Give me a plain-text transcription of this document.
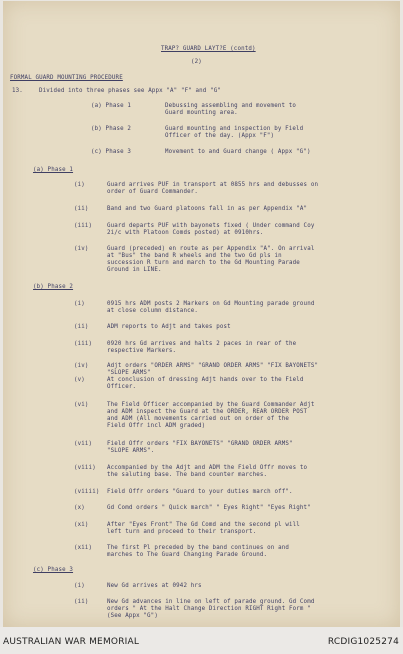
TRAP? GUARD LAYT?E (contd)
(2)
FORMAL GUARD MOUNTING PROCEDURE
13.	Divided into three phases see Appx "A" "F" and "G"
(a) Phase 1	Debussing assembling and movement to
Guard mounting area.
(b) Phase 2	Guard mounting and inspection by Field
Officer of the day. (Appx "F")
(c) Phase 3	Movement to and Guard change ( Appx "G")
(a) Phase 1
(i)	Guard arrives PUF in transport at 0855 hrs and debusses on
order of Guard Commander.
(ii)	Band and two Guard platoons fall in as per Appendix "A"
(iii)	Guard departs PUF with bayonets fixed ( Under command Coy
2i/c with Platoon Comds posted) at 0910hrs.
(iv)	Guard (preceded) en route as per Appendix "A". On arrival
at "Bus" the band R wheels and the two Gd pls in
succession R turn and march to the Gd Mounting Parade
Ground in LINE.
(b) Phase 2
(i)	0915 hrs ADM posts 2 Markers on Gd Mounting parade ground
at close column distance.
(ii)	ADM reports to Adjt and takes post
(iii)	0920 hrs Gd arrives and halts 2 paces in rear of the
respective Markers.
(iv)	Adjt orders "ORDER ARMS" "GRAND ORDER ARMS" "FIX BAYONETS"
"SLOPE ARMS"
(v)	At conclusion of dressing Adjt hands over to the Field
Officer.
(vi)	The Field Officer accompanied by the Guard Commander Adjt
and ADM inspect the Guard at the ORDER, REAR ORDER POST
and ADM (All movements carried out on order of the
Field Offr incl ADM graded)
(vii)	Field Offr orders "FIX BAYONETS" "GRAND ORDER ARMS"
"SLOPE ARMS".
(viii) Accompanied by the Adjt and ADM the Field Offr moves to
the saluting base. The band counter marches.
(viiii) Field Offr orders "Guard to your duties march off".
(x)	Gd Comd orders " Quick march" " Eyes Right" "Eyes Right"
(xi)	After "Eyes Front" The Gd Comd and the second pl will
left turn and proceed to their transport.
(xii)	The first Pl preceded by the band continues on and
marches to The Guard Changing Parade Ground.
(c) Phase 3
(i)	New Gd arrives at 0942 hrs
(ii)	New Gd advances in line on left of parade ground. Gd Comd
orders " At the Halt Change Direction RIGHT Right Form "
(See Appx "G")
AUSTRALIAN WAR MEMORIAL	RCDIG1025274
